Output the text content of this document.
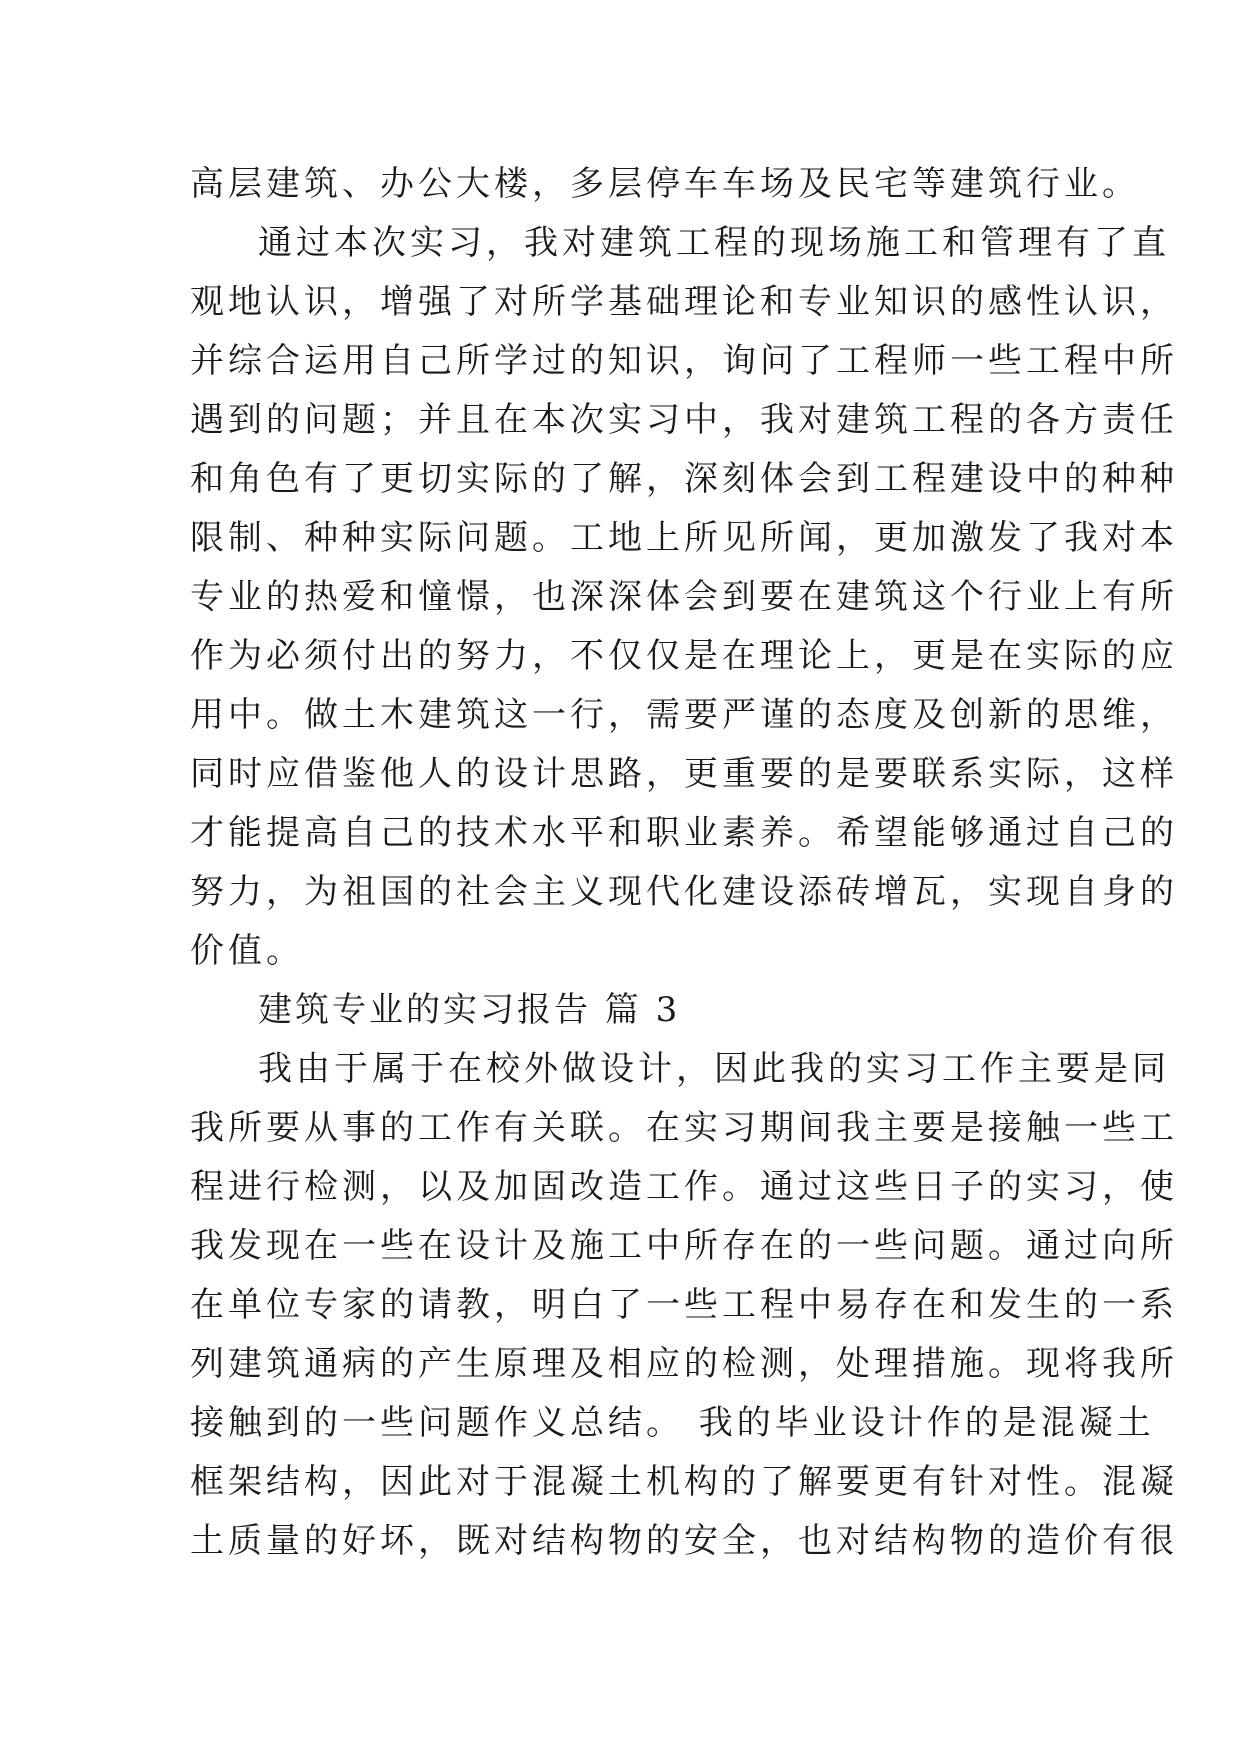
高层建筑、办公大楼，多层停车车场及民宅等建筑行业。
通过本次实习，我对建筑工程的现场施工和管理有了直
观地认识，增强了对所学基础理论和专业知识的感性认识，
并综合运用自己所学过的知识，询问了工程师一些工程中所
遇到的问题；并且在本次实习中，我对建筑工程的各方责任
和角色有了更切实际的了解，深刻体会到工程建设中的种种
限制、种种实际问题。工地上所见所闻，更加激发了我对本
专业的热爱和憧憬，也深深体会到要在建筑这个行业上有所
作为必须付出的努力，不仅仅是在理论上，更是在实际的应
用中。做土木建筑这一行，需要严谨的态度及创新的思维，
同时应借鉴他人的设计思路，更重要的是要联系实际，这样
才能提高自己的技术水平和职业素养。希望能够通过自己的
努力，为祖国的社会主义现代化建设添砖增瓦，实现自身的
价值。
建筑专业的实习报告 篇 3
我由于属于在校外做设计，因此我的实习工作主要是同
我所要从事的工作有关联。在实习期间我主要是接触一些工
程进行检测，以及加固改造工作。通过这些日子的实习，使
我发现在一些在设计及施工中所存在的一些问题。通过向所
在单位专家的请教，明白了一些工程中易存在和发生的一系
列建筑通病的产生原理及相应的检测，处理措施。现将我所
接触到的一些问题作义总结。 我的毕业设计作的是混凝土
框架结构，因此对于混凝土机构的了解要更有针对性。混凝
土质量的好坏，既对结构物的安全，也对结构物的造价有很
